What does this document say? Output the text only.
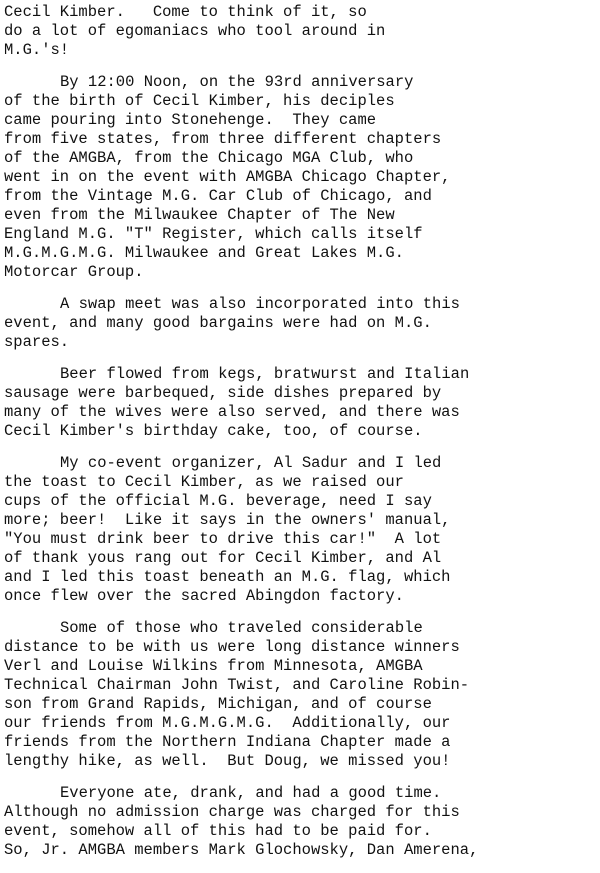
Cecil Kimber.   Come to think of it, so
do a lot of egomaniacs who tool around in
M.G.'s!
By 12:00 Noon, on the 93rd anniversary
of the birth of Cecil Kimber, his deciples
came pouring into Stonehenge.  They came
from five states, from three different chapters
of the AMGBA, from the Chicago MGA Club, who
went in on the event with AMGBA Chicago Chapter,
from the Vintage M.G. Car Club of Chicago, and
even from the Milwaukee Chapter of The New
England M.G. "T" Register, which calls itself
M.G.M.G.M.G. Milwaukee and Great Lakes M.G.
Motorcar Group.
A swap meet was also incorporated into this
event, and many good bargains were had on M.G.
spares.
Beer flowed from kegs, bratwurst and Italian
sausage were barbequed, side dishes prepared by
many of the wives were also served, and there was
Cecil Kimber's birthday cake, too, of course.
My co-event organizer, Al Sadur and I led
the toast to Cecil Kimber, as we raised our
cups of the official M.G. beverage, need I say
more; beer!  Like it says in the owners' manual,
"You must drink beer to drive this car!"  A lot
of thank yous rang out for Cecil Kimber, and Al
and I led this toast beneath an M.G. flag, which
once flew over the sacred Abingdon factory.
Some of those who traveled considerable
distance to be with us were long distance winners
Verl and Louise Wilkins from Minnesota, AMGBA
Technical Chairman John Twist, and Caroline Robin-
son from Grand Rapids, Michigan, and of course
our friends from M.G.M.G.M.G.  Additionally, our
friends from the Northern Indiana Chapter made a
lengthy hike, as well.  But Doug, we missed you!
Everyone ate, drank, and had a good time.
Although no admission charge was charged for this
event, somehow all of this had to be paid for.
So, Jr. AMGBA members Mark Glochowsky, Dan Amerena,
